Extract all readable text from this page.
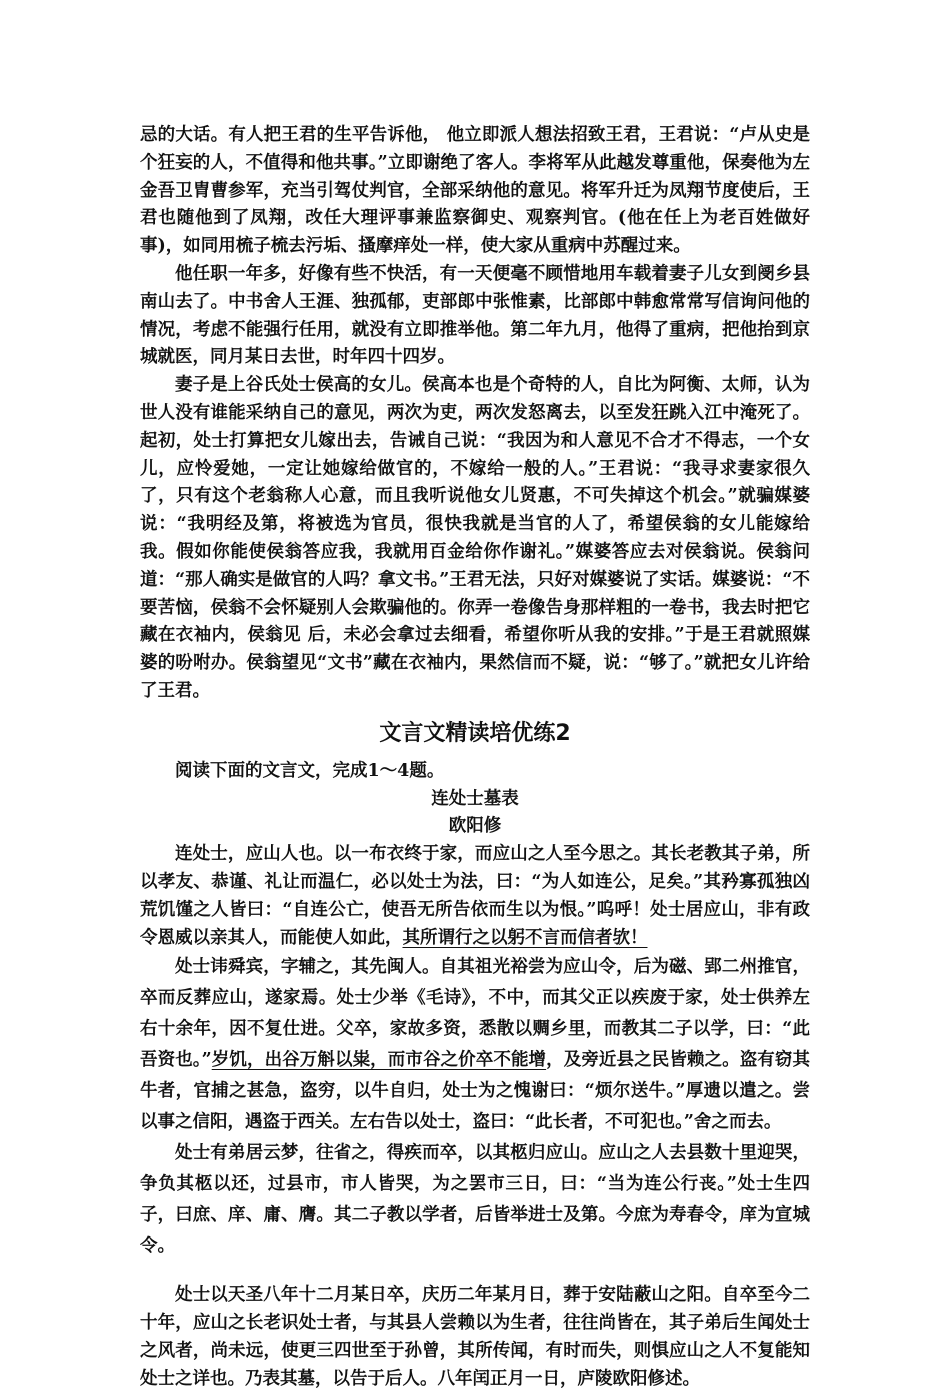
忌的大话。有人把王君的生平告诉他， 他立即派人想法招致王君，王君说：“卢从史是个狂妄的人，不值得和他共事。”立即谢绝了客人。李将军从此越发尊重他，保奏他为左金吾卫胄曹参军，充当引驾仗判官，全部采纳他的意见。将军升迁为凤翔节度使后，王君也随他到了凤翔，改任大理评事兼监察御史、观察判官。(他在任上为老百姓做好事)，如同用梳子梳去污垢、搔摩痒处一样，使大家从重病中苏醒过来。

他任职一年多，好像有些不快活，有一天便毫不顾惜地用车载着妻子儿女到阌乡县南山去了。中书舍人王涯、独孤郁，吏部郎中张惟素，比部郎中韩愈常常写信询问他的情况，考虑不能强行任用，就没有立即推举他。第二年九月，他得了重病，把他抬到京城就医，同月某日去世，时年四十四岁。

妻子是上谷氏处士侯高的女儿。侯高本也是个奇特的人，自比为阿衡、太师，认为世人没有谁能采纳自己的意见，两次为吏，两次发怒离去，以至发狂跳入江中淹死了。起初，处士打算把女儿嫁出去，告诫自己说：“我因为和人意见不合才不得志，一个女儿，应怜爱她，一定让她嫁给做官的，不嫁给一般的人。”王君说：“我寻求妻家很久了，只有这个老翁称人心意，而且我听说他女儿贤惠，不可失掉这个机会。”就骗媒婆说：“我明经及第，将被选为官员，很快我就是当官的人了，希望侯翁的女儿能嫁给我。假如你能使侯翁答应我，我就用百金给你作谢礼。”媒婆答应去对侯翁说。侯翁问道：“那人确实是做官的人吗？拿文书。”王君无法，只好对媒婆说了实话。媒婆说：“不要苦恼，侯翁不会怀疑别人会欺骗他的。你弄一卷像告身那样粗的一卷书，我去时把它藏在衣袖内，侯翁见 后，未必会拿过去细看，希望你听从我的安排。”于是王君就照媒婆的吩咐办。侯翁望见“文书”藏在衣袖内，果然信而不疑，说：“够了。”就把女儿许给了王君。

文言文精读培优练2

阅读下面的文言文，完成1～4题。

连处士墓表

欧阳修

连处士，应山人也。以一布衣终于家，而应山之人至今思之。其长老教其子弟，所以孝友、恭谨、礼让而温仁，必以处士为法，曰：“为人如连公，足矣。”其矜寡孤独凶荒饥馑之人皆曰：“自连公亡，使吾无所告依而生以为恨。”呜呼！处士居应山，非有政令恩威以亲其人，而能使人如此，其所谓行之以躬不言而信者欤！

处士讳舜宾，字辅之，其先闽人。自其祖光裕尝为应山令，后为磁、郢二州推官，卒而反葬应山，遂家焉。处士少举《毛诗》，不中，而其父正以疾废于家，处士供养左右十余年，因不复仕进。父卒，家故多资，悉散以赒乡里，而教其二子以学，曰：“此吾资也。”岁饥，出谷万斛以粜，而市谷之价卒不能增，及旁近县之民皆赖之。盗有窃其牛者，官捕之甚急，盗穷，以牛自归，处士为之愧谢曰：“烦尔送牛。”厚遗以遣之。尝以事之信阳，遇盗于西关。左右告以处士，盗曰：“此长者，不可犯也。”舍之而去。

处士有弟居云梦，往省之，得疾而卒，以其柩归应山。应山之人去县数十里迎哭，争负其柩以还，过县市，市人皆哭，为之罢市三日，曰：“当为连公行丧。”处士生四子，曰庶、庠、庸、膺。其二子教以学者，后皆举进士及第。今庶为寿春令，庠为宣城令。

处士以天圣八年十二月某日卒，庆历二年某月日，葬于安陆蔽山之阳。自卒至今二十年，应山之长老识处士者，与其县人尝赖以为生者，往往尚皆在，其子弟后生闻处士之风者，尚未远，使更三四世至于孙曾，其所传闻，有时而失，则惧应山之人不复能知处士之详也。乃表其墓，以告于后人。八年闰正月一日，庐陵欧阳修述。
